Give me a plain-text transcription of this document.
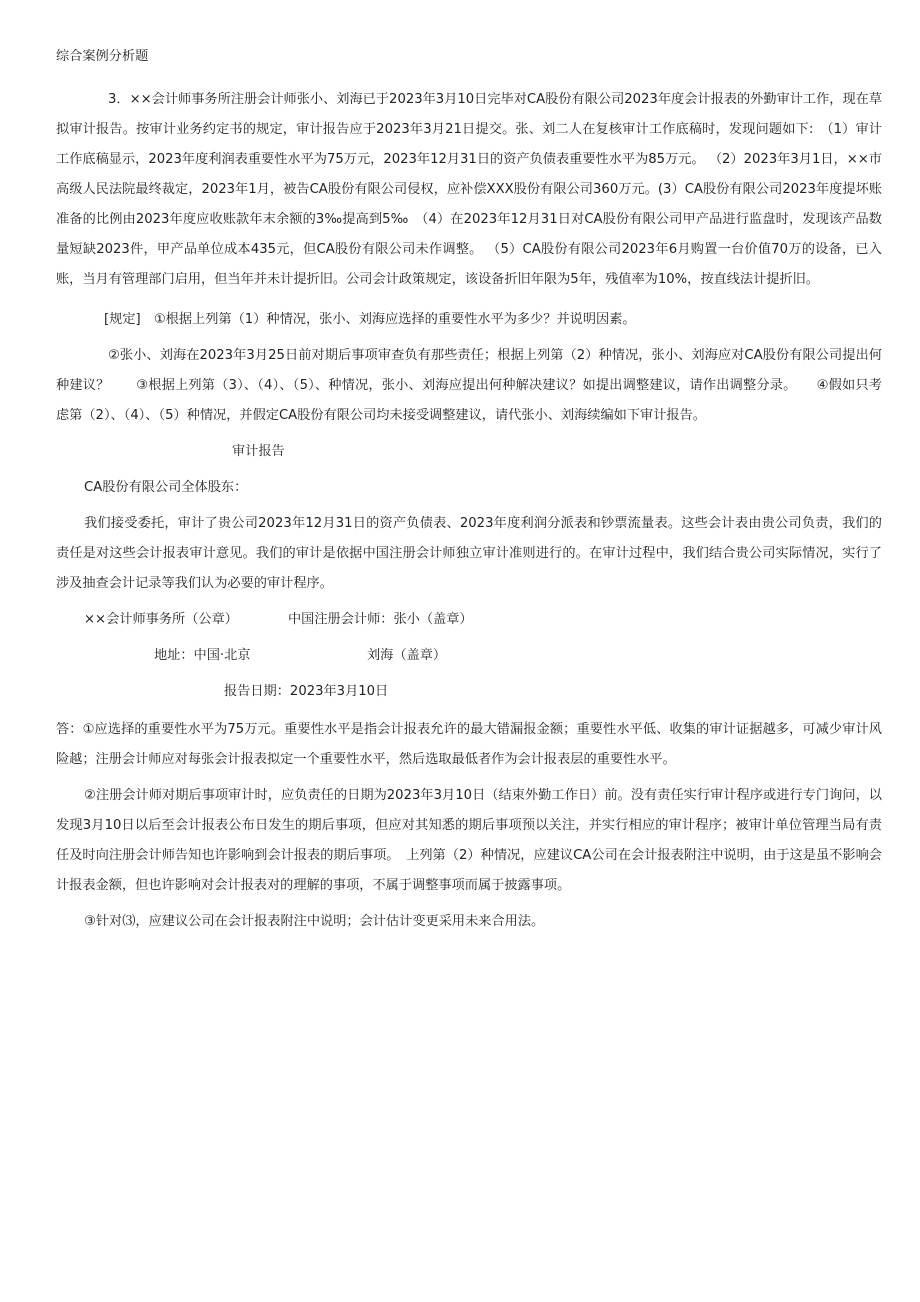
综合案例分析题

3．××会计师事务所注册会计师张小、刘海已于2023年3月10日完毕对CA股份有限公司2023年度会计报表的外勤审计工作，现在草拟审计报告。按审计业务约定书的规定，审计报告应于2023年3月21日提交。张、刘二人在复核审计工作底稿时，发现问题如下:　（1）审计工作底稿显示，2023年度利润表重要性水平为75万元，2023年12月31日的资产负债表重要性水平为85万元。 （2）2023年3月1日，××市高级人民法院最终裁定，2023年1月，被告CA股份有限公司侵权，应补偿XXX股份有限公司360万元。(3）CA股份有限公司2023年度提坏账准备的比例由2023年度应收账款年末余额的3‰提高到5‰　（4）在2023年12月31日对CA股份有限公司甲产品进行监盘时，发现该产品数量短缺2023件，甲产品单位成本435元，但CA股份有限公司未作调整。 （5）CA股份有限公司2023年6月购置一台价值70万的设备，已入账，当月有管理部门启用，但当年并未计提折旧。公司会计政策规定，该设备折旧年限为5年，残值率为10%，按直线法计提折旧。

[规定]　①根据上列第（1）种情况，张小、刘海应选择的重要性水平为多少？并说明因素。

②张小、刘海在2023年3月25日前对期后事项审查负有那些责任；根据上列第（2）种情况，张小、刘海应对CA股份有限公司提出何种建议？　　③根据上列第（3）、（4）、（5）、种情况，张小、刘海应提出何种解决建议？如提出调整建议，请作出调整分录。　　④假如只考虑第（2）、（4）、（5）种情况，并假定CA股份有限公司均未接受调整建议，请代张小、刘海续编如下审计报告。

审计报告

CA股份有限公司全体股东：

我们接受委托，审计了贵公司2023年12月31日的资产负债表、2023年度利润分派表和钞票流量表。这些会计表由贵公司负责，我们的责任是对这些会计报表审计意见。我们的审计是依据中国注册会计师独立审计准则进行的。在审计过程中，我们结合贵公司实际情况，实行了涉及抽查会计记录等我们认为必要的审计程序。

××会计师事务所（公章）	中国注册会计师：张小（盖章）
地址：中国·北京	刘海（盖章）
报告日期：2023年3月10日

答：①应选择的重要性水平为75万元。重要性水平是指会计报表允许的最大错漏报金额；重要性水平低、收集的审计证据越多，可减少审计风险越；注册会计师应对每张会计报表拟定一个重要性水平，然后选取最低者作为会计报表层的重要性水平。

②注册会计师对期后事项审计时，应负责任的日期为2023年3月10日（结束外勤工作日）前。没有责任实行审计程序或进行专门询问，以发现3月10日以后至会计报表公布日发生的期后事项，但应对其知悉的期后事项预以关注，并实行相应的审计程序；被审计单位管理当局有责任及时向注册会计师告知也许影响到会计报表的期后事项。　上列第（2）种情况，应建议CA公司在会计报表附注中说明，由于这是虽不影响会计报表金额，但也许影响对会计报表对的理解的事项，不属于调整事项而属于披露事项。

③针对⑶，应建议公司在会计报表附注中说明；会计估计变更采用未来合用法。
